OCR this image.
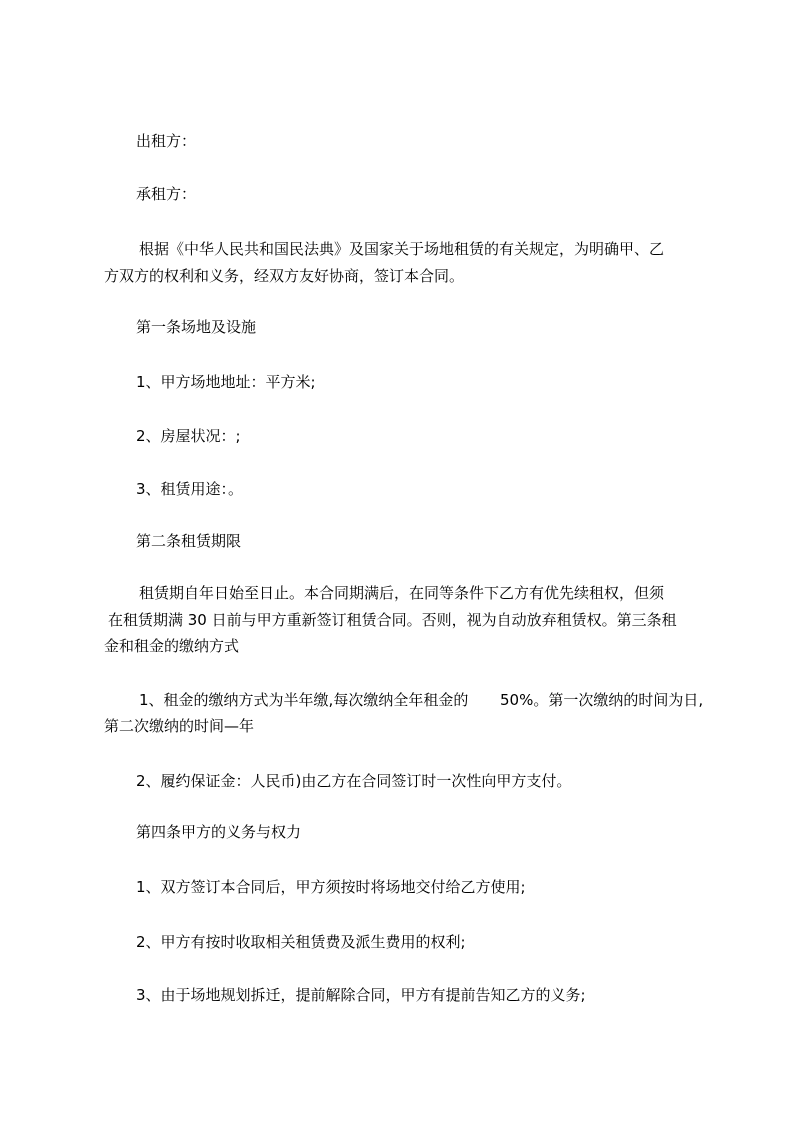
出租方：
承租方：
根据《中华人民共和国民法典》及国家关于场地租赁的有关规定，为明确甲、乙
方双方的权利和义务，经双方友好协商，签订本合同。
第一条场地及设施
1、甲方场地地址：平方米;
2、房屋状况：;
3、租赁用途：。
第二条租赁期限
租赁期自年日始至日止。本合同期满后，在同等条件下乙方有优先续租权，但须
在租赁期满 30 日前与甲方重新签订租赁合同。否则，视为自动放弃租赁权。第三条租
金和租金的缴纳方式
1、租金的缴纳方式为半年缴,每次缴纳全年租金的 50%。第一次缴纳的时间为日,
第二次缴纳的时间—年
2、履约保证金：人民币)由乙方在合同签订时一次性向甲方支付。
第四条甲方的义务与权力
1、双方签订本合同后，甲方须按时将场地交付给乙方使用;
2、甲方有按时收取相关租赁费及派生费用的权利;
3、由于场地规划拆迁，提前解除合同，甲方有提前告知乙方的义务;
